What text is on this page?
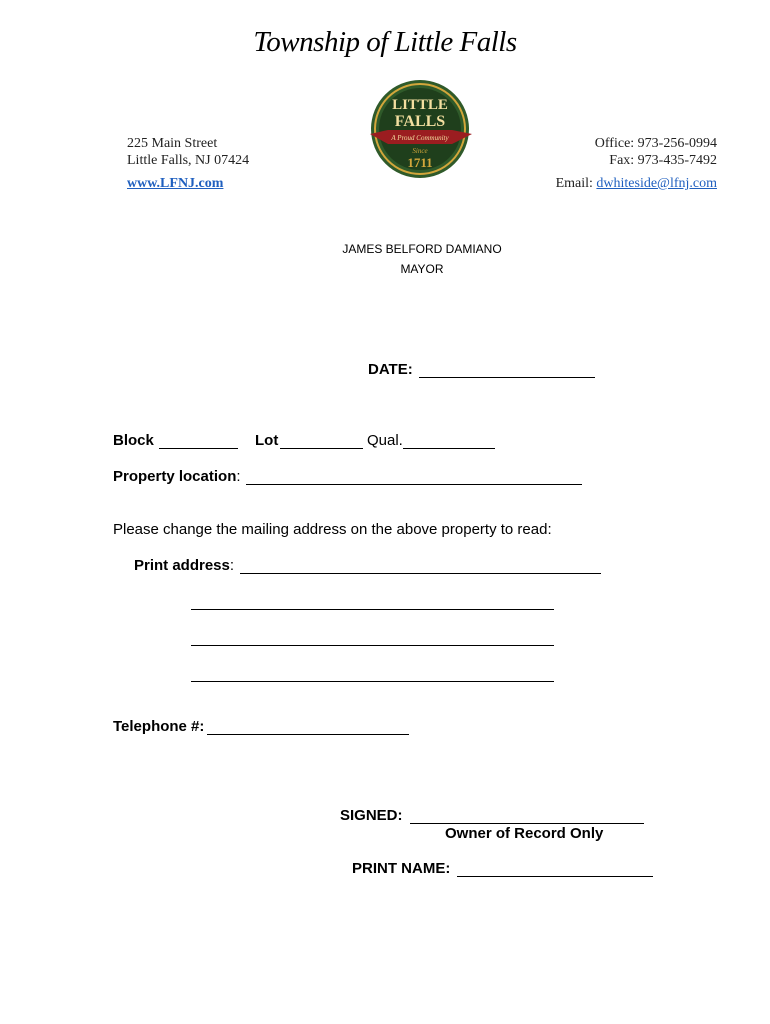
Township of Little Falls
225 Main Street
Little Falls, NJ 07424
www.LFNJ.com
Office: 973-256-0994
Fax: 973-435-7492
Email: dwhiteside@lfnj.com
LITTLE
FALLS
A Proud Community
Since
1711
JAMES BELFORD DAMIANO
MAYOR
DATE:
Block	Lot	Qual.
Property location:
Please change the mailing address on the above property to read:
Print address:
Telephone #:
SIGNED:
Owner of Record Only
PRINT NAME:
